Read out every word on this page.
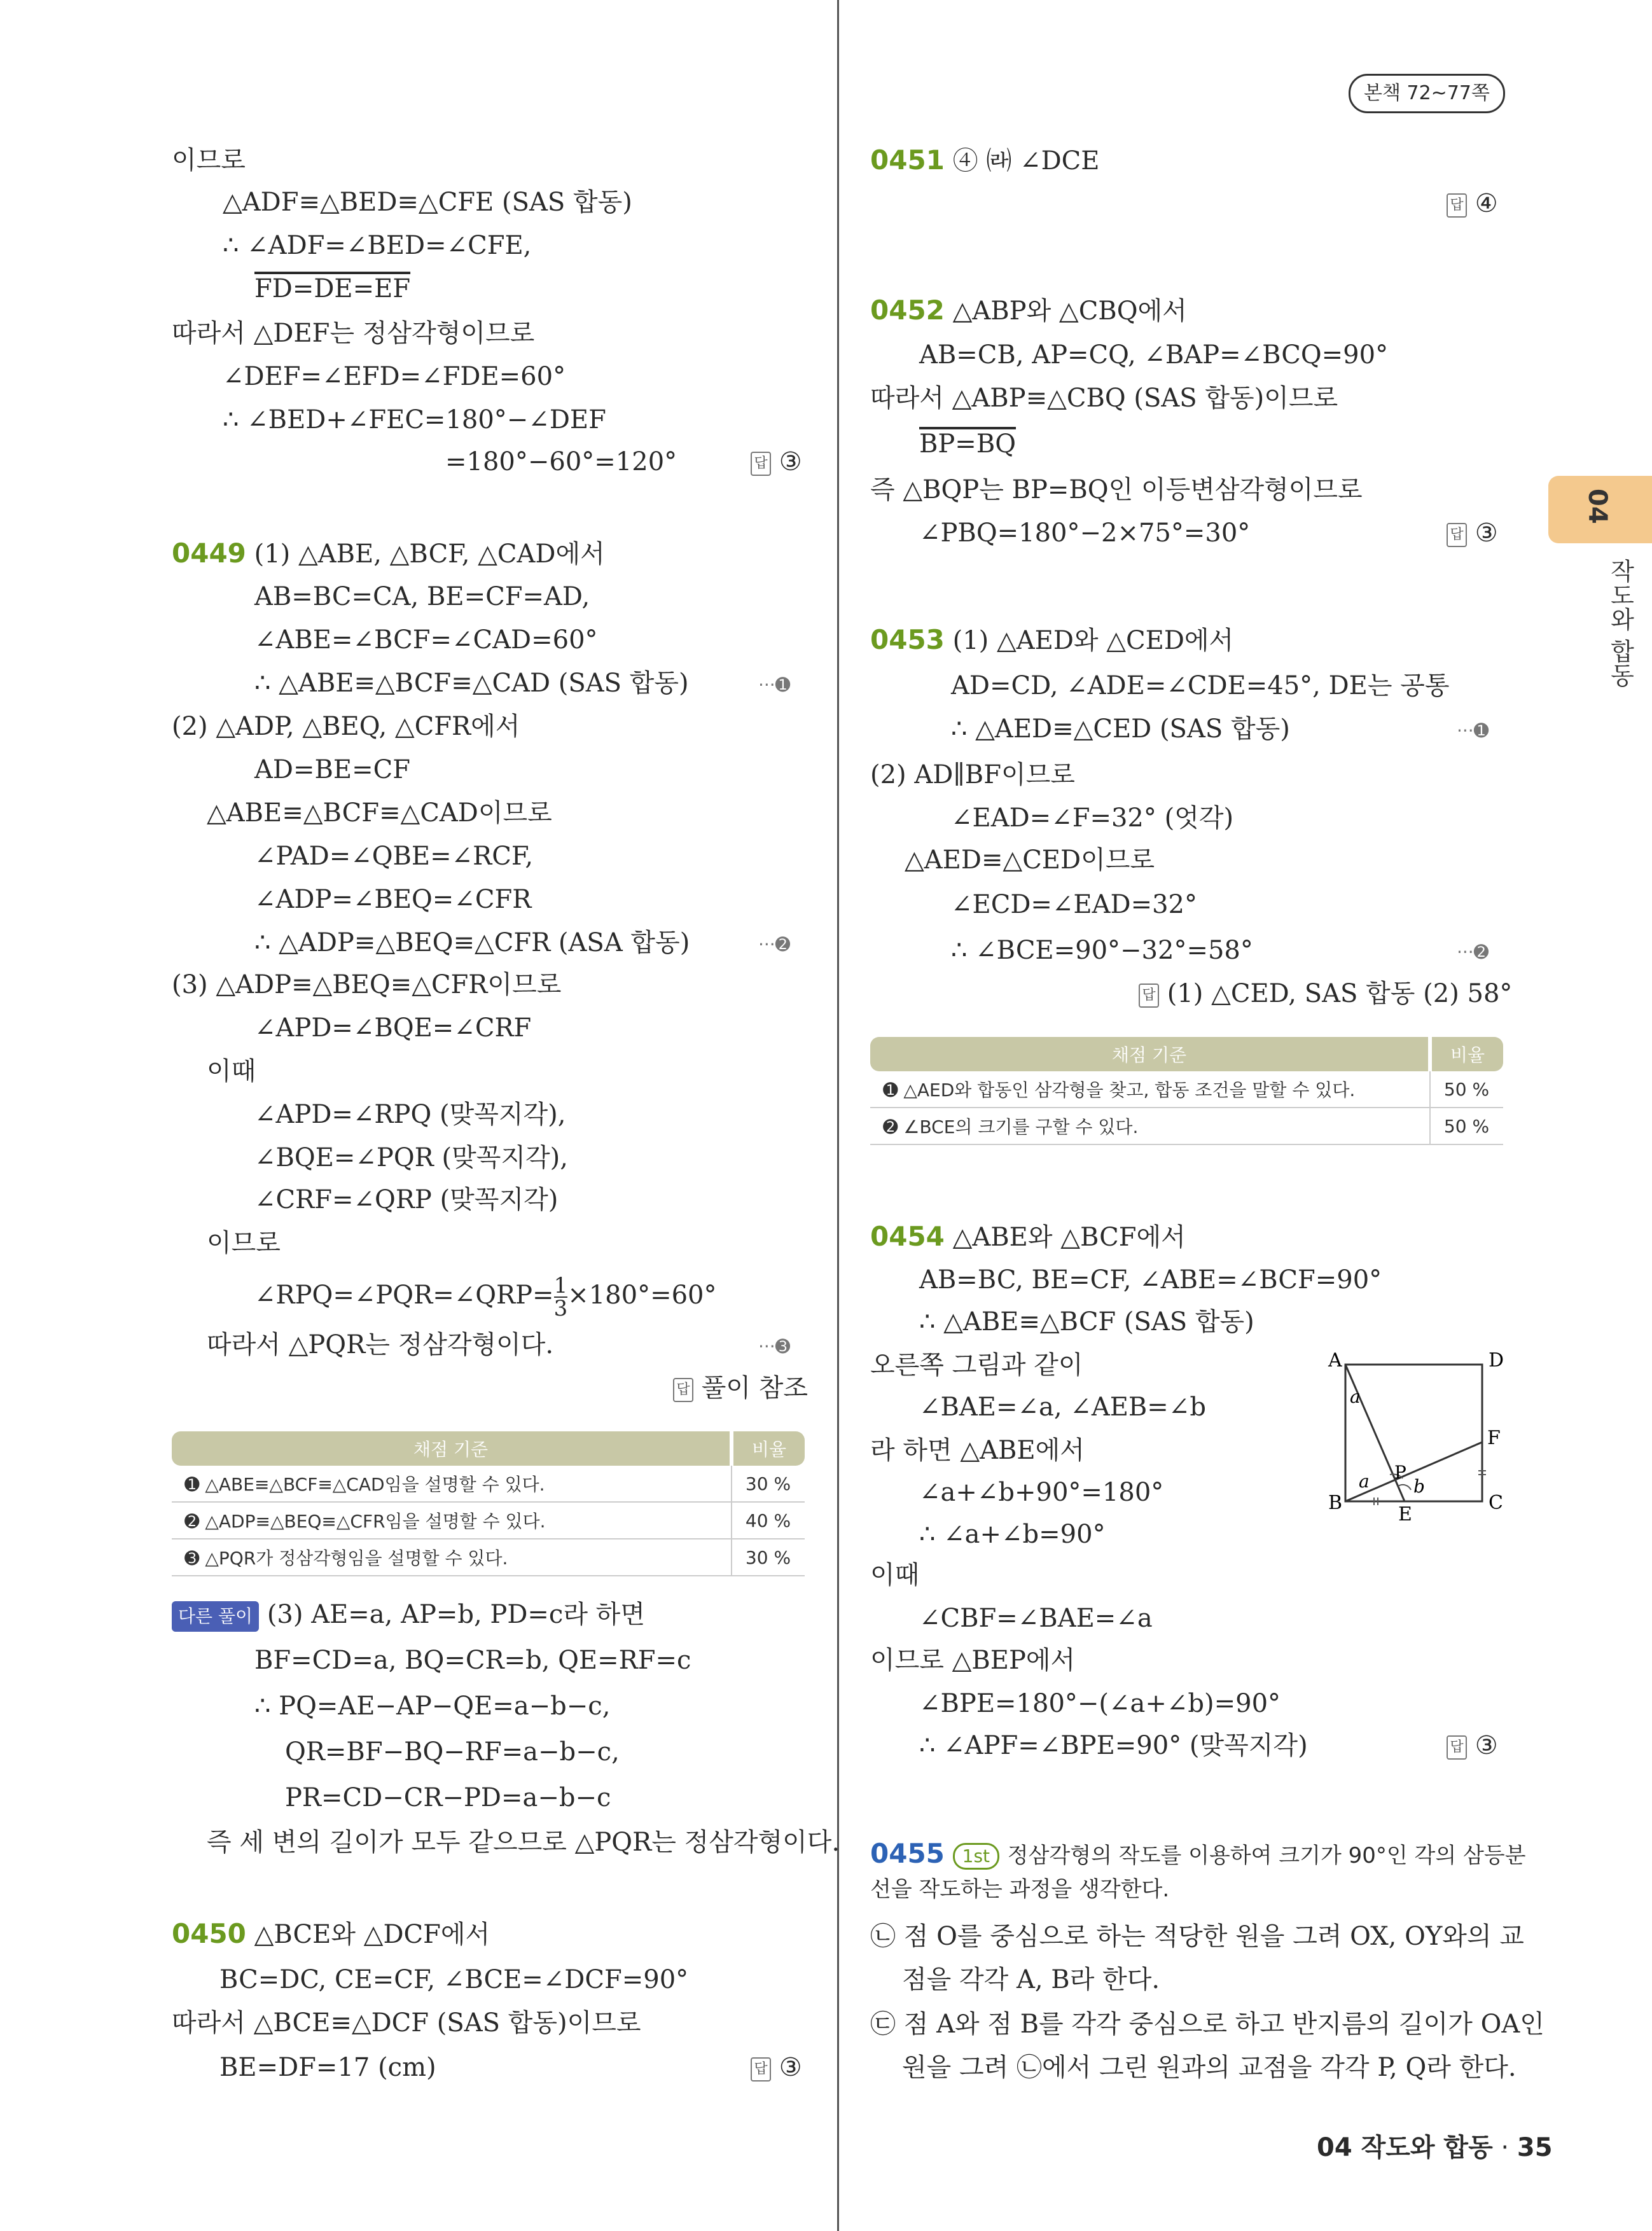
본책 72~77쪽
04
작도와 합동
이므로
△ADF≡△BED≡△CFE (SAS 합동)
∴ ∠ADF=∠BED=∠CFE,
FD=DE=EF
따라서 △DEF는 정삼각형이므로
∠DEF=∠EFD=∠FDE=60°
∴ ∠BED+∠FEC=180°−∠DEF
=180°−60°=120°	답 ③
0449 (1) △ABE, △BCF, △CAD에서
AB=BC=CA, BE=CF=AD,
∠ABE=∠BCF=∠CAD=60°
∴ △ABE≡△BCF≡△CAD (SAS 합동)	···➊
(2) △ADP, △BEQ, △CFR에서
AD=BE=CF
△ABE≡△BCF≡△CAD이므로
∠PAD=∠QBE=∠RCF,
∠ADP=∠BEQ=∠CFR
∴ △ADP≡△BEQ≡△CFR (ASA 합동)	···➋
(3) △ADP≡△BEQ≡△CFR이므로
∠APD=∠BQE=∠CRF
이때
∠APD=∠RPQ (맞꼭지각),
∠BQE=∠PQR (맞꼭지각),
∠CRF=∠QRP (맞꼭지각)
이므로
∠RPQ=∠PQR=∠QRP= $\frac{1}{3} \times 180^\circ=60^\circ$
따라서 △PQR는 정삼각형이다.	···➌
답 풀이 참조
채점 기준	비율
➊ △ABE≡△BCF≡△CAD임을 설명할 수 있다.	30 %
➋ △ADP≡△BEQ≡△CFR임을 설명할 수 있다.	40 %
➌ △PQR가 정삼각형임을 설명할 수 있다.	30 %
다른 풀이 (3) AE=a, AP=b, PD=c라 하면
BF=CD=a, BQ=CR=b, QE=RF=c
∴ PQ=AE−AP−QE=a−b−c,
QR=BF−BQ−RF=a−b−c,
PR=CD−CR−PD=a−b−c
즉 세 변의 길이가 모두 같으므로 △PQR는 정삼각형이다.
0450 △BCE와 △DCF에서
BC=DC, CE=CF, ∠BCE=∠DCF=90°
따라서 △BCE≡△DCF (SAS 합동)이므로
BE=DF=17 (cm)	답 ③
0451 ④ ㈑ ∠DCE
답 ④
0452 △ABP와 △CBQ에서
AB=CB, AP=CQ, ∠BAP=∠BCQ=90°
따라서 △ABP≡△CBQ (SAS 합동)이므로
BP=BQ
즉 △BQP는 BP=BQ인 이등변삼각형이므로
∠PBQ=180°−2×75°=30°	답 ③
0453 (1) △AED와 △CED에서
AD=CD, ∠ADE=∠CDE=45°, DE는 공통
∴ △AED≡△CED (SAS 합동)	···➊
(2) AD∥BF이므로
∠EAD=∠F=32° (엇각)
△AED≡△CED이므로
∠ECD=∠EAD=32°
∴ ∠BCE=90°−32°=58°	···➋
답 (1) △CED, SAS 합동 (2) 58°
채점 기준	비율
➊ △AED와 합동인 삼각형을 찾고, 합동 조건을 말할 수 있다.	50 %
➋ ∠BCE의 크기를 구할 수 있다.	50 %
0454 △ABE와 △BCF에서
AB=BC, BE=CF, ∠ABE=∠BCF=90°
∴ △ABE≡△BCF (SAS 합동)
오른쪽 그림과 같이
∠BAE=∠a, ∠AEB=∠b
라 하면 △ABE에서
∠a+∠b+90°=180°
∴ ∠a+∠b=90°
이때
∠CBF=∠BAE=∠a
이므로 △BEP에서
∠BPE=180°−(∠a+∠b)=90°
∴ ∠APF=∠BPE=90° (맞꼭지각)	답 ③
A	D
B	C
E
F
P
a
a b
0455 1st 정삼각형의 작도를 이용하여 크기가 90°인 각의 삼등분
선을 작도하는 과정을 생각한다.
㉡ 점 O를 중심으로 하는 적당한 원을 그려 OX, OY와의 교
점을 각각 A, B라 한다.
㉢ 점 A와 점 B를 각각 중심으로 하고 반지름의 길이가 OA인
원을 그려 ㉡에서 그린 원과의 교점을 각각 P, Q라 한다.
04 작도와 합동 · 35
